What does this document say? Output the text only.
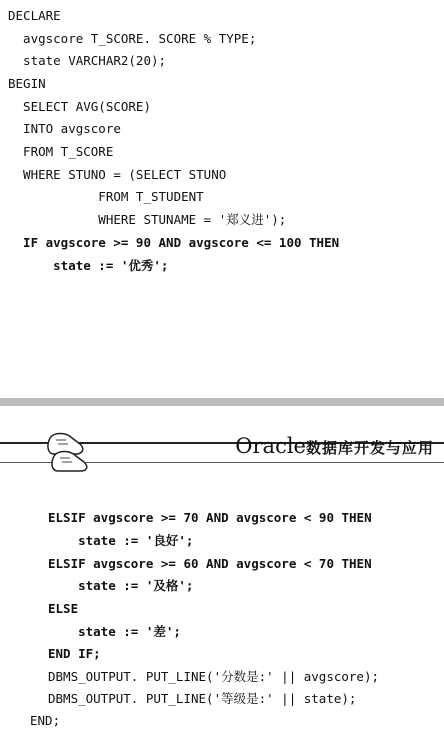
DECLARE
avgscore T_SCORE. SCORE % TYPE;
state VARCHAR2(20);
BEGIN
SELECT AVG(SCORE)
INTO avgscore
FROM T_SCORE
WHERE STUNO = (SELECT STUNO
FROM T_STUDENT
WHERE STUNAME = '郑义进');
IF avgscore >= 90 AND avgscore <= 100 THEN
state := '优秀';
Oracle数据库开发与应用
ELSIF avgscore >= 70 AND avgscore < 90 THEN
state := '良好';
ELSIF avgscore >= 60 AND avgscore < 70 THEN
state := '及格';
ELSE
state := '差';
END IF;
DBMS_OUTPUT. PUT_LINE('分数是:' || avgscore);
DBMS_OUTPUT. PUT_LINE('等级是:' || state);
END;
